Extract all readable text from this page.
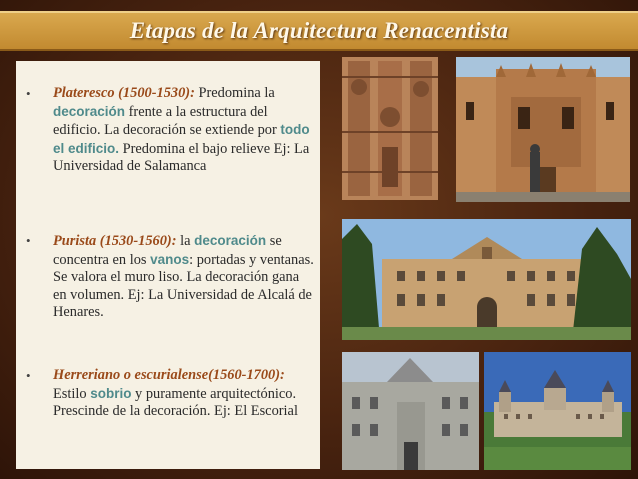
Etapas de la Arquitectura Renacentista
• Plateresco (1500-1530): Predomina la decoración frente a la estructura del edificio. La decoración se extiende por todo el edificio. Predomina el bajo relieve Ej: La Universidad de Salamanca
• Purista (1530-1560): la decoración se concentra en los vanos: portadas y ventanas. Se valora el muro liso. La decoración gana en volumen. Ej: La Universidad de Alcalá de Henares.
• Herreriano o escurialense(1560-1700): Estilo sobrio y puramente arquitectónico. Prescinde de la decoración. Ej: El Escorial
